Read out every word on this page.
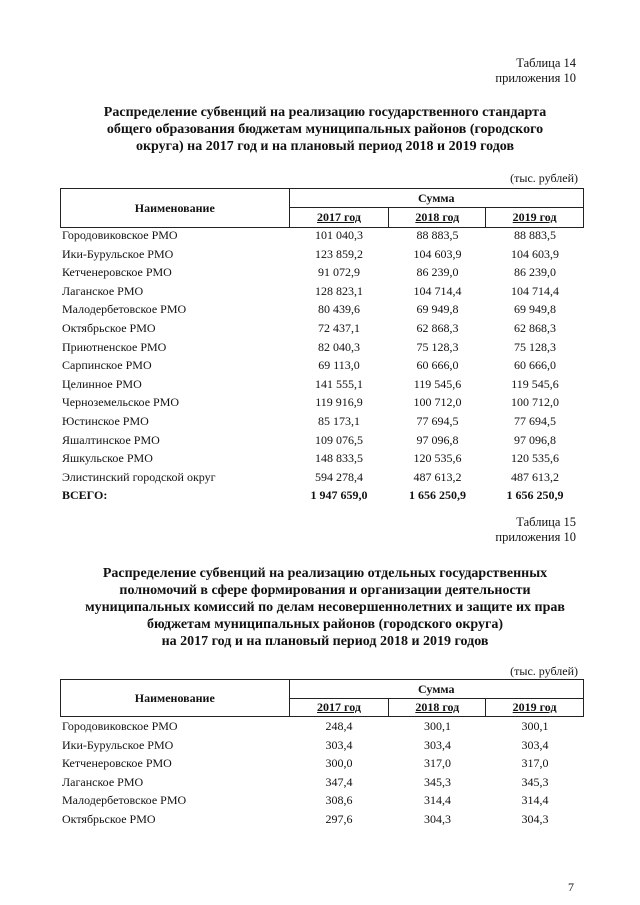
Таблица 14
приложения 10
Распределение субвенций на реализацию государственного стандарта
общего образования бюджетам муниципальных районов (городского
округа) на 2017 год и на плановый период 2018 и 2019 годов
(тыс. рублей)
Наименование	Сумма		
	2017 год	2018 год	2019 год
Городовиковское РМО	101 040,3	88 883,5	88 883,5
Ики-Бурульское РМО	123 859,2	104 603,9	104 603,9
Кетченеровское РМО	91 072,9	86 239,0	86 239,0
Лаганское РМО	128 823,1	104 714,4	104 714,4
Малодербетовское РМО	80 439,6	69 949,8	69 949,8
Октябрьское РМО	72 437,1	62 868,3	62 868,3
Приютненское РМО	82 040,3	75 128,3	75 128,3
Сарпинское РМО	69 113,0	60 666,0	60 666,0
Целинное РМО	141 555,1	119 545,6	119 545,6
Черноземельское РМО	119 916,9	100 712,0	100 712,0
Юстинское РМО	85 173,1	77 694,5	77 694,5
Яшалтинское РМО	109 076,5	97 096,8	97 096,8
Яшкульское РМО	148 833,5	120 535,6	120 535,6
Элистинский городской округ	594 278,4	487 613,2	487 613,2
ВСЕГО:	1 947 659,0	1 656 250,9	1 656 250,9
Таблица 15
приложения 10
Распределение субвенций на реализацию отдельных государственных
полномочий в сфере формирования и организации деятельности
муниципальных комиссий по делам несовершеннолетних и защите их прав
бюджетам муниципальных районов (городского округа)
на 2017 год и на плановый период 2018 и 2019 годов
(тыс. рублей)
Наименование	Сумма		
	2017 год	2018 год	2019 год
Городовиковское РМО	248,4	300,1	300,1
Ики-Бурульское РМО	303,4	303,4	303,4
Кетченеровское РМО	300,0	317,0	317,0
Лаганское РМО	347,4	345,3	345,3
Малодербетовское РМО	308,6	314,4	314,4
Октябрьское РМО	297,6	304,3	304,3
7
